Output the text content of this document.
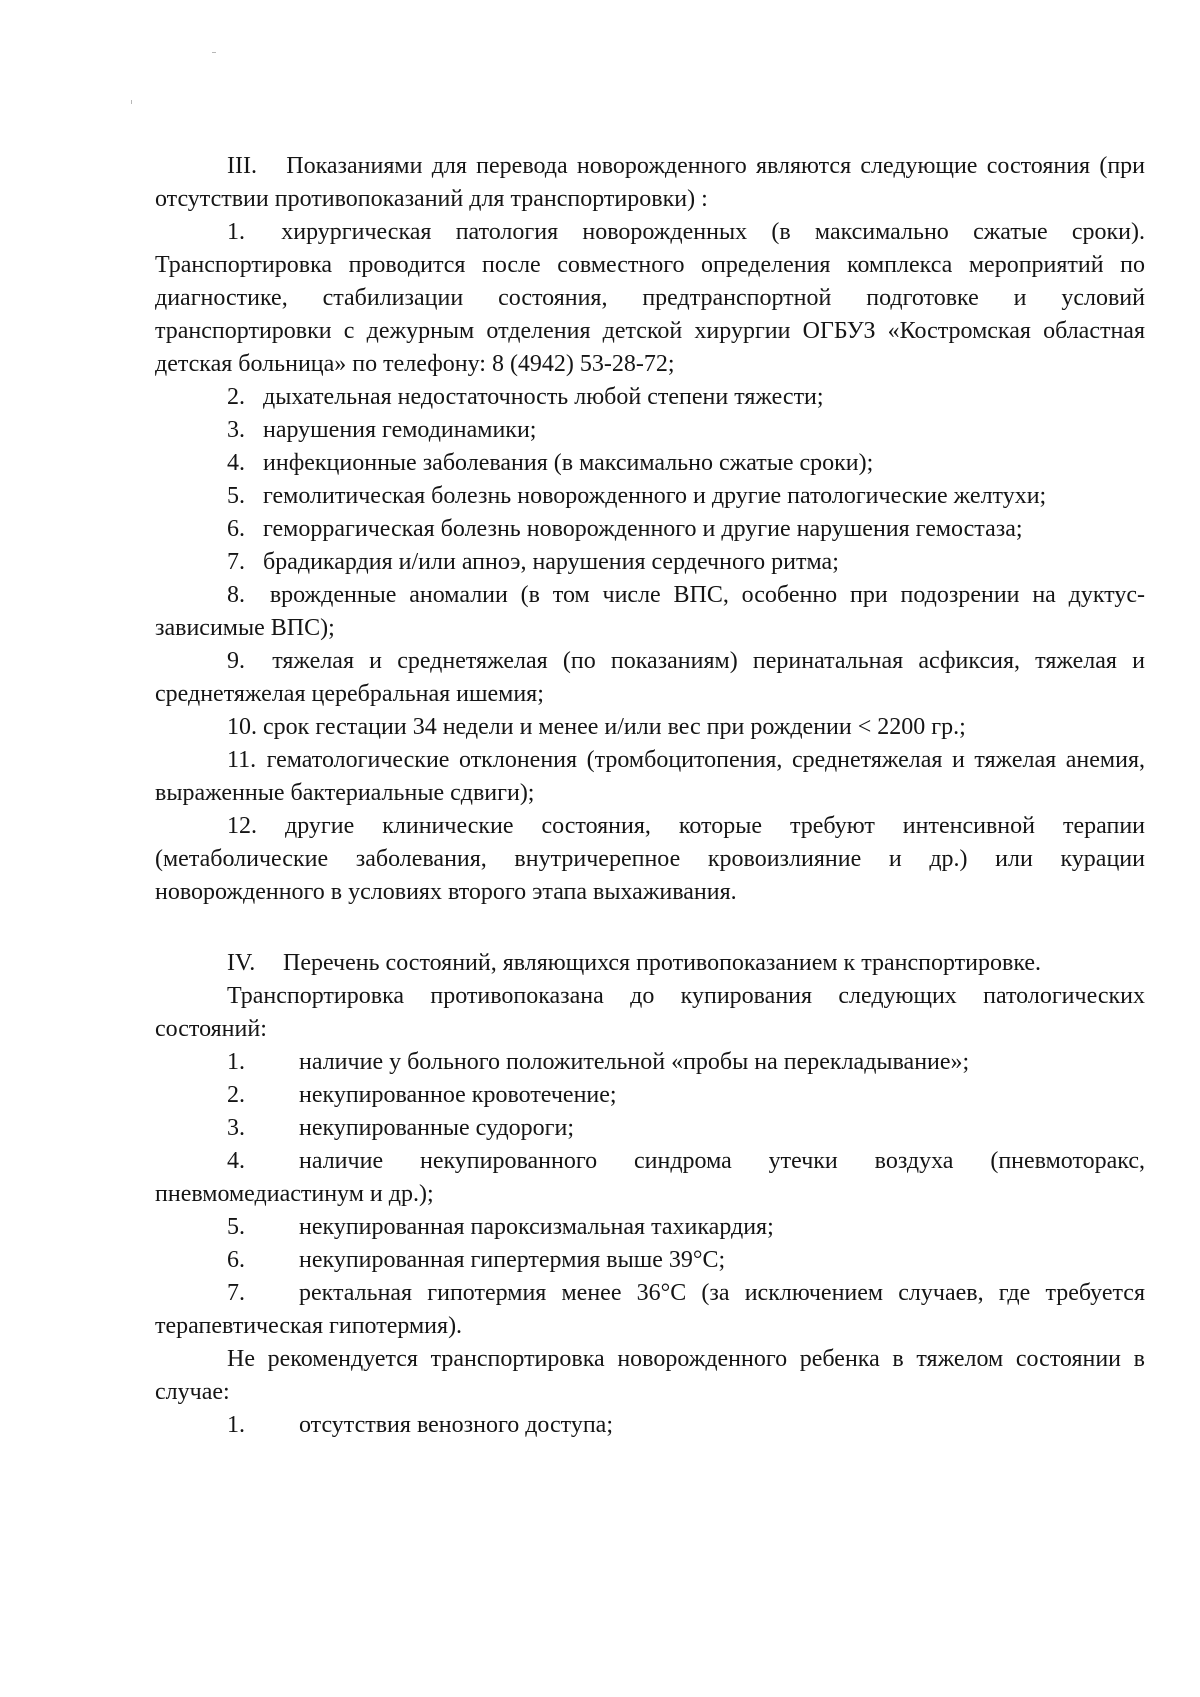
III. Показаниями для перевода новорожденного являются следующие состояния (при отсутствии противопоказаний для транспортировки) :

1. хирургическая патология новорожденных (в максимально сжатые сроки). Транспортировка проводится после совместного определения комплекса мероприятий по диагностике, стабилизации состояния, предтранспортной подготовке и условий транспортировки с дежурным отделения детской хирургии ОГБУЗ «Костромская областная детская больница» по телефону: 8 (4942) 53-28-72;

2. дыхательная недостаточность любой степени тяжести;

3. нарушения гемодинамики;

4. инфекционные заболевания (в максимально сжатые сроки);

5. гемолитическая болезнь новорожденного и другие патологические желтухи;

6. геморрагическая болезнь новорожденного и другие нарушения гемостаза;

7. брадикардия и/или апноэ, нарушения сердечного ритма;

8. врожденные аномалии (в том числе ВПС, особенно при подозрении на дуктус-зависимые ВПС);

9. тяжелая и среднетяжелая (по показаниям) перинатальная асфиксия, тяжелая и среднетяжелая церебральная ишемия;

10. срок гестации 34 недели и менее и/или вес при рождении < 2200 гр.;

11. гематологические отклонения (тромбоцитопения, среднетяжелая и тяжелая анемия, выраженные бактериальные сдвиги);

12. другие клинические состояния, которые требуют интенсивной терапии (метаболические заболевания, внутричерепное кровоизлияние и др.) или курации новорожденного в условиях второго этапа выхаживания.

IV. Перечень состояний, являющихся противопоказанием к транспортировке.

Транспортировка противопоказана до купирования следующих патологических состояний:

1. наличие у больного положительной «пробы на перекладывание»;

2. некупированное кровотечение;

3. некупированные судороги;

4. наличие некупированного синдрома утечки воздуха (пневмоторакс, пневмомедиастинум и др.);

5. некупированная пароксизмальная тахикардия;

6. некупированная гипертермия выше 39°С;

7. ректальная гипотермия менее 36°С (за исключением случаев, где требуется терапевтическая гипотермия).

Не рекомендуется транспортировка новорожденного ребенка в тяжелом состоянии в случае:

1. отсутствия венозного доступа;
